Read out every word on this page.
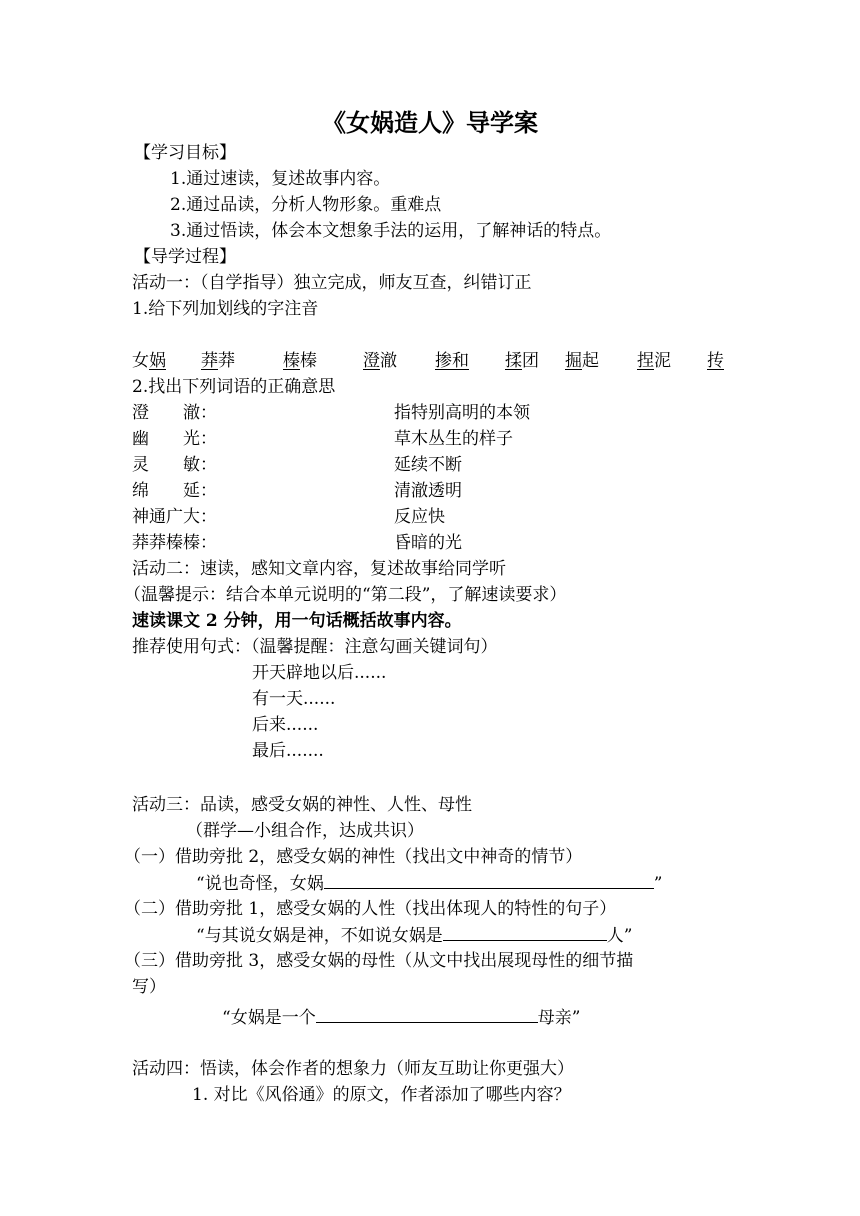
《女娲造人》导学案
【学习目标】
1.通过速读，复述故事内容。
2.通过品读，分析人物形象。重难点
3.通过悟读，体会本文想象手法的运用，了解神话的特点。
【导学过程】
活动一：（自学指导）独立完成，师友互查，纠错订正
1.给下列加划线的字注音
女娲 莽莽	榛榛	澄澈 掺和 揉团 掘起 捏泥 抟
2.找出下列词语的正确意思
澄　　澈：	指特别高明的本领
幽　　光：	草木丛生的样子
灵　　敏：	延续不断
绵　　延：	清澈透明
神通广大：	反应快
莽莽榛榛：	昏暗的光
活动二：速读，感知文章内容，复述故事给同学听
（温馨提示：结合本单元说明的“第二段”，了解速读要求）
速读课文 2 分钟，用一句话概括故事内容。
推荐使用句式：（温馨提醒：注意勾画关键词句）
开天辟地以后......
有一天......
后来......
最后.......
活动三：品读，感受女娲的神性、人性、母性
（群学—小组合作，达成共识）
（一）借助旁批 2，感受女娲的神性（找出文中神奇的情节）
“说也奇怪，女娲	”
（二）借助旁批 1，感受女娲的人性（找出体现人的特性的句子）
“与其说女娲是神，不如说女娲是	人”
（三）借助旁批 3，感受女娲的母性（从文中找出展现母性的细节描
写）
“女娲是一个	母亲”
活动四：悟读，体会作者的想象力（师友互助让你更强大）
1. 对比《风俗通》的原文，作者添加了哪些内容？
